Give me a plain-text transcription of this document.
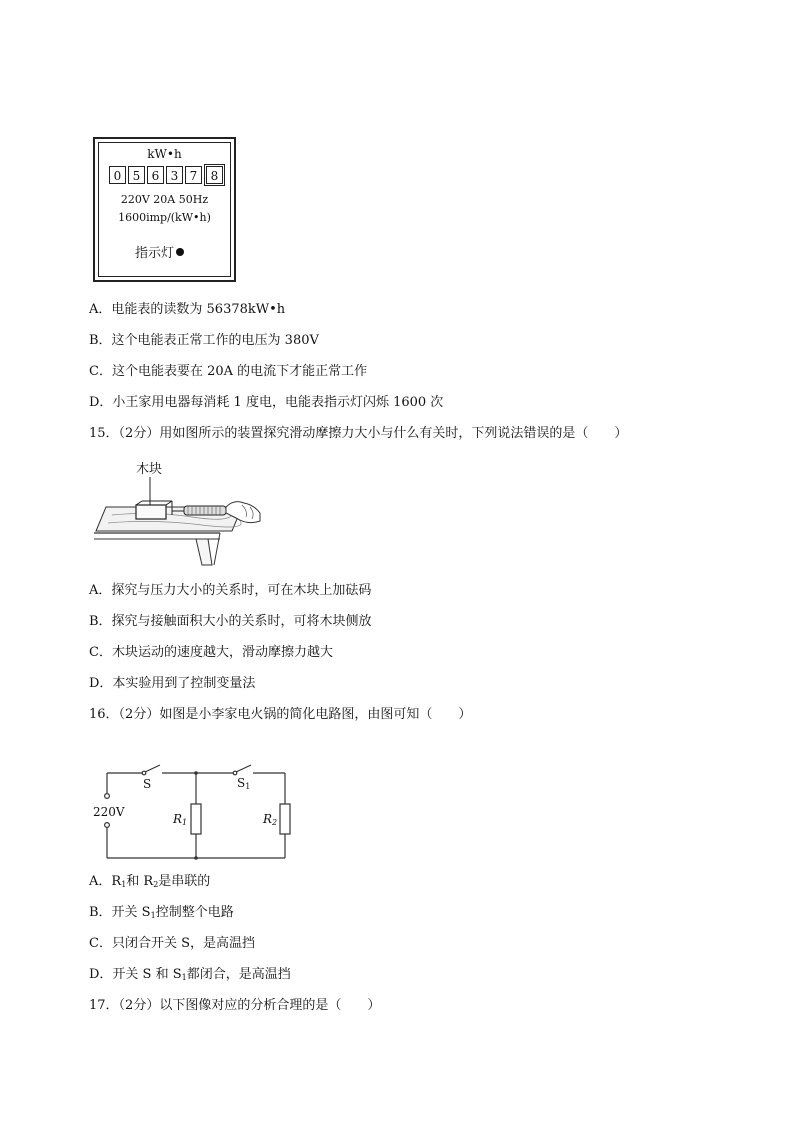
kW•h
0 5 6 3 7	8
220V 20A 50Hz
1600imp/(kW•h)
指示灯
A．电能表的读数为 56378kW•h
B．这个电能表正常工作的电压为 380V
C．这个电能表要在 20A 的电流下才能正常工作
D．小王家用电器每消耗 1 度电，电能表指示灯闪烁 1600 次
15．（2分）用如图所示的装置探究滑动摩擦力大小与什么有关时，下列说法错误的是（　　）
木块
A．探究与压力大小的关系时，可在木块上加砝码
B．探究与接触面积大小的关系时，可将木块侧放
C．木块运动的速度越大，滑动摩擦力越大
D．本实验用到了控制变量法
16．（2分）如图是小李家电火锅的简化电路图，由图可知（　　）
220V
S	$S_1$
$R_1$	$R_2$
A．$R_1$和 $R_2$是串联的
B．开关 $S_1$控制整个电路
C．只闭合开关 S，是高温挡
D．开关 S 和 $S_1$都闭合，是高温挡
17．（2分）以下图像对应的分析合理的是（　　）
